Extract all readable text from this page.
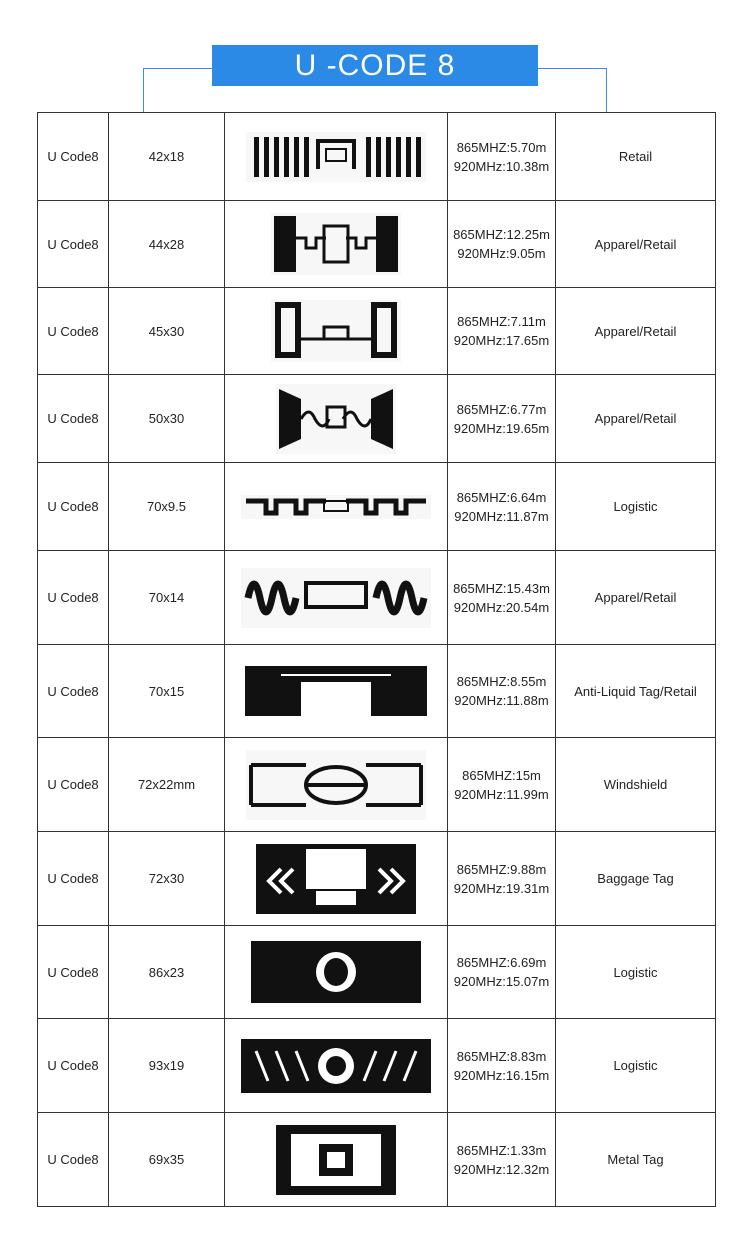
U -CODE 8
U Code8	42x18		865MHZ:5.70m
920MHz:10.38m	Retail
U Code8	44x28		865MHZ:12.25m
920MHz:9.05m	Apparel/Retail
U Code8	45x30		865MHZ:7.11m
920MHz:17.65m	Apparel/Retail
U Code8	50x30		865MHZ:6.77m
920MHz:19.65m	Apparel/Retail
U Code8	70x9.5		865MHZ:6.64m
920MHz:11.87m	Logistic
U Code8	70x14		865MHZ:15.43m
920MHz:20.54m	Apparel/Retail
U Code8	70x15		865MHZ:8.55m
920MHz:11.88m	Anti-Liquid Tag/Retail
U Code8	72x22mm		865MHZ:15m
920MHz:11.99m	Windshield
U Code8	72x30		865MHZ:9.88m
920MHz:19.31m	Baggage Tag
U Code8	86x23		865MHZ:6.69m
920MHz:15.07m	Logistic
U Code8	93x19		865MHZ:8.83m
920MHz:16.15m	Logistic
U Code8	69x35		865MHZ:1.33m
920MHz:12.32m	Metal Tag
